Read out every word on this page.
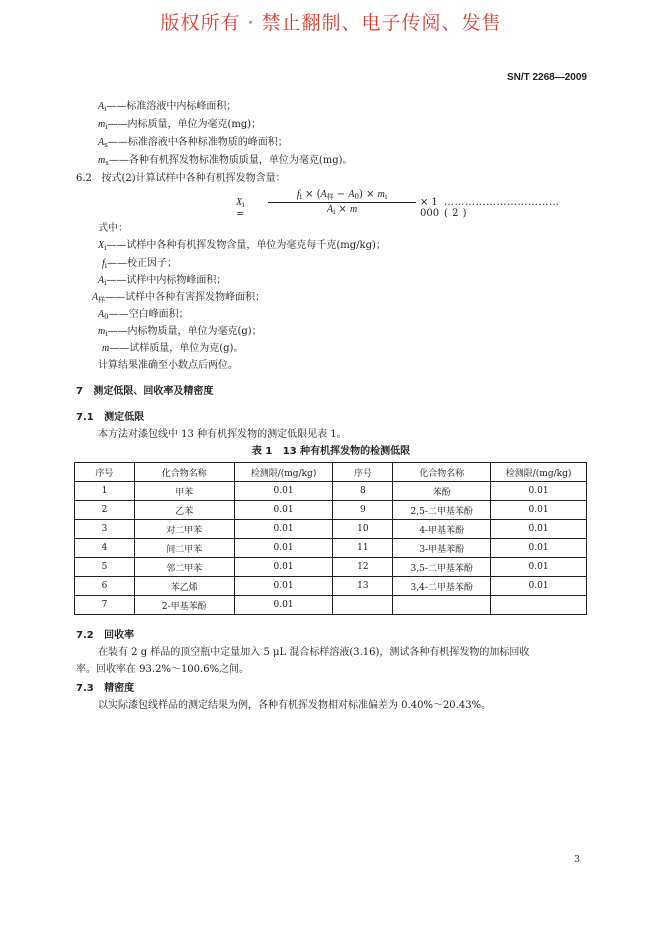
版权所有 · 禁止翻制、电子传阅、发售
SN/T 2268—2009
$A_i——$标准溶液中内标峰面积；
$m_i——$内标质量，单位为毫克(mg)；
$A_s——$标准溶液中各种标准物质的峰面积；
$m_s——$各种有机挥发物标准物质质量，单位为毫克(mg)。
6.2 按式(2)计算试样中各种有机挥发物含量：
$X_i$ =
$f_i \times (A_样 - A_0) \times m_i$
$A_i \times m$
× 1 000
……………………………( 2 )
式中：
$X_i——$试样中各种有机挥发物含量，单位为毫克每千克(mg/kg)；
$f_i——$校正因子；
$A_i——$试样中内标物峰面积；
$A_样——$试样中各种有害挥发物峰面积；
$A_0——$空白峰面积；
$m_i——$内标物质量，单位为毫克(g)；
m——试样质量，单位为克(g)。
计算结果准确至小数点后两位。
7 测定低限、回收率及精密度
7.1 测定低限
本方法对漆包线中 13 种有机挥发物的测定低限见表 1。
表 1 13 种有机挥发物的检测低限
序号	化合物名称	检测限/(mg/kg)	序号	化合物名称	检测限/(mg/kg)
1	甲苯	0.01	8	苯酚	0.01
2	乙苯	0.01	9	2,5-二甲基苯酚	0.01
3	对二甲苯	0.01	10	4-甲基苯酚	0.01
4	间二甲苯	0.01	11	3-甲基苯酚	0.01
5	邻二甲苯	0.01	12	3,5-二甲基苯酚	0.01
6	苯乙烯	0.01	13	3,4-二甲基苯酚	0.01
7	2-甲基苯酚	0.01			
7.2 回收率
在装有 2 g 样品的顶空瓶中定量加入 5 μL 混合标样溶液(3.16)，测试各种有机挥发物的加标回收
率。回收率在 93.2%～100.6%之间。
7.3 精密度
以实际漆包线样品的测定结果为例，各种有机挥发物相对标准偏差为 0.40%～20.43%。
3
